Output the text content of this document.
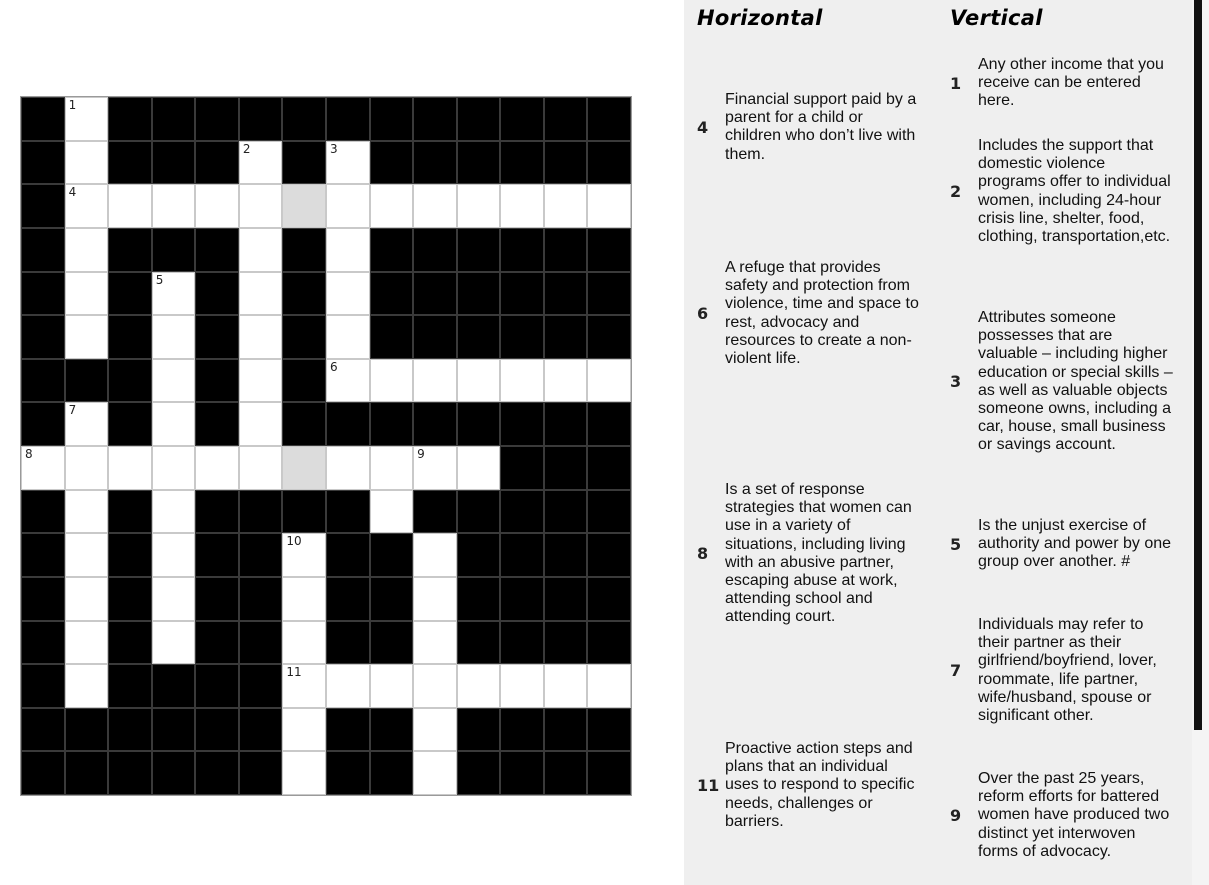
1
2	3
4
5
6
7
8	9
10
11
Horizontal	Vertical
4
Financial support paid by a parent for a child or children who don’t live with them.
6
A refuge that provides safety and protection from violence, time and space to rest, advocacy and resources to create a non-violent life.
8
Is a set of response strategies that women can use in a variety of situations, including living with an abusive partner, escaping abuse at work, attending school and attending court.
11
Proactive action steps and plans that an individual uses to respond to specific needs, challenges or barriers.
1
Any other income that you receive can be entered here.
2
Includes the support that domestic violence programs offer to individual women, including 24-hour crisis line, shelter, food, clothing, transportation,etc.
3
Attributes someone possesses that are valuable – including higher education or special skills – as well as valuable objects someone owns, including a car, house, small business or savings account.
5
Is the unjust exercise of authority and power by one group over another. #
7
Individuals may refer to their partner as their girlfriend/boyfriend, lover, roommate, life partner, wife/husband, spouse or significant other.
9
Over the past 25 years, reform efforts for battered women have produced two distinct yet interwoven forms of advocacy.
